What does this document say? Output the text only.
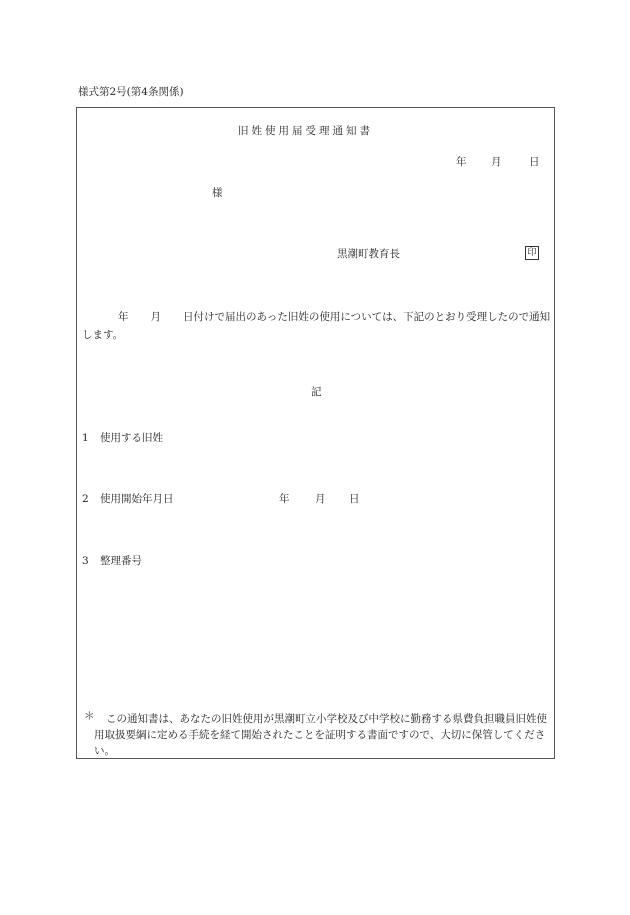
様式第2号(第4条関係)
旧姓使用届受理通知書
年 月	日
様
黒潮町教育長	印
年 月 日付けで届出のあった旧姓の使用については、下記のとおり受理したので通知します。
記
1 使用する旧姓
2 使用開始年月日	年 月 日
3 整理番号
＊	この通知書は、あなたの旧姓使用が黒潮町立小学校及び中学校に勤務する県費負担職員旧姓使用取扱要綱に定める手続を経て開始されたことを証明する書面ですので、大切に保管してください。
